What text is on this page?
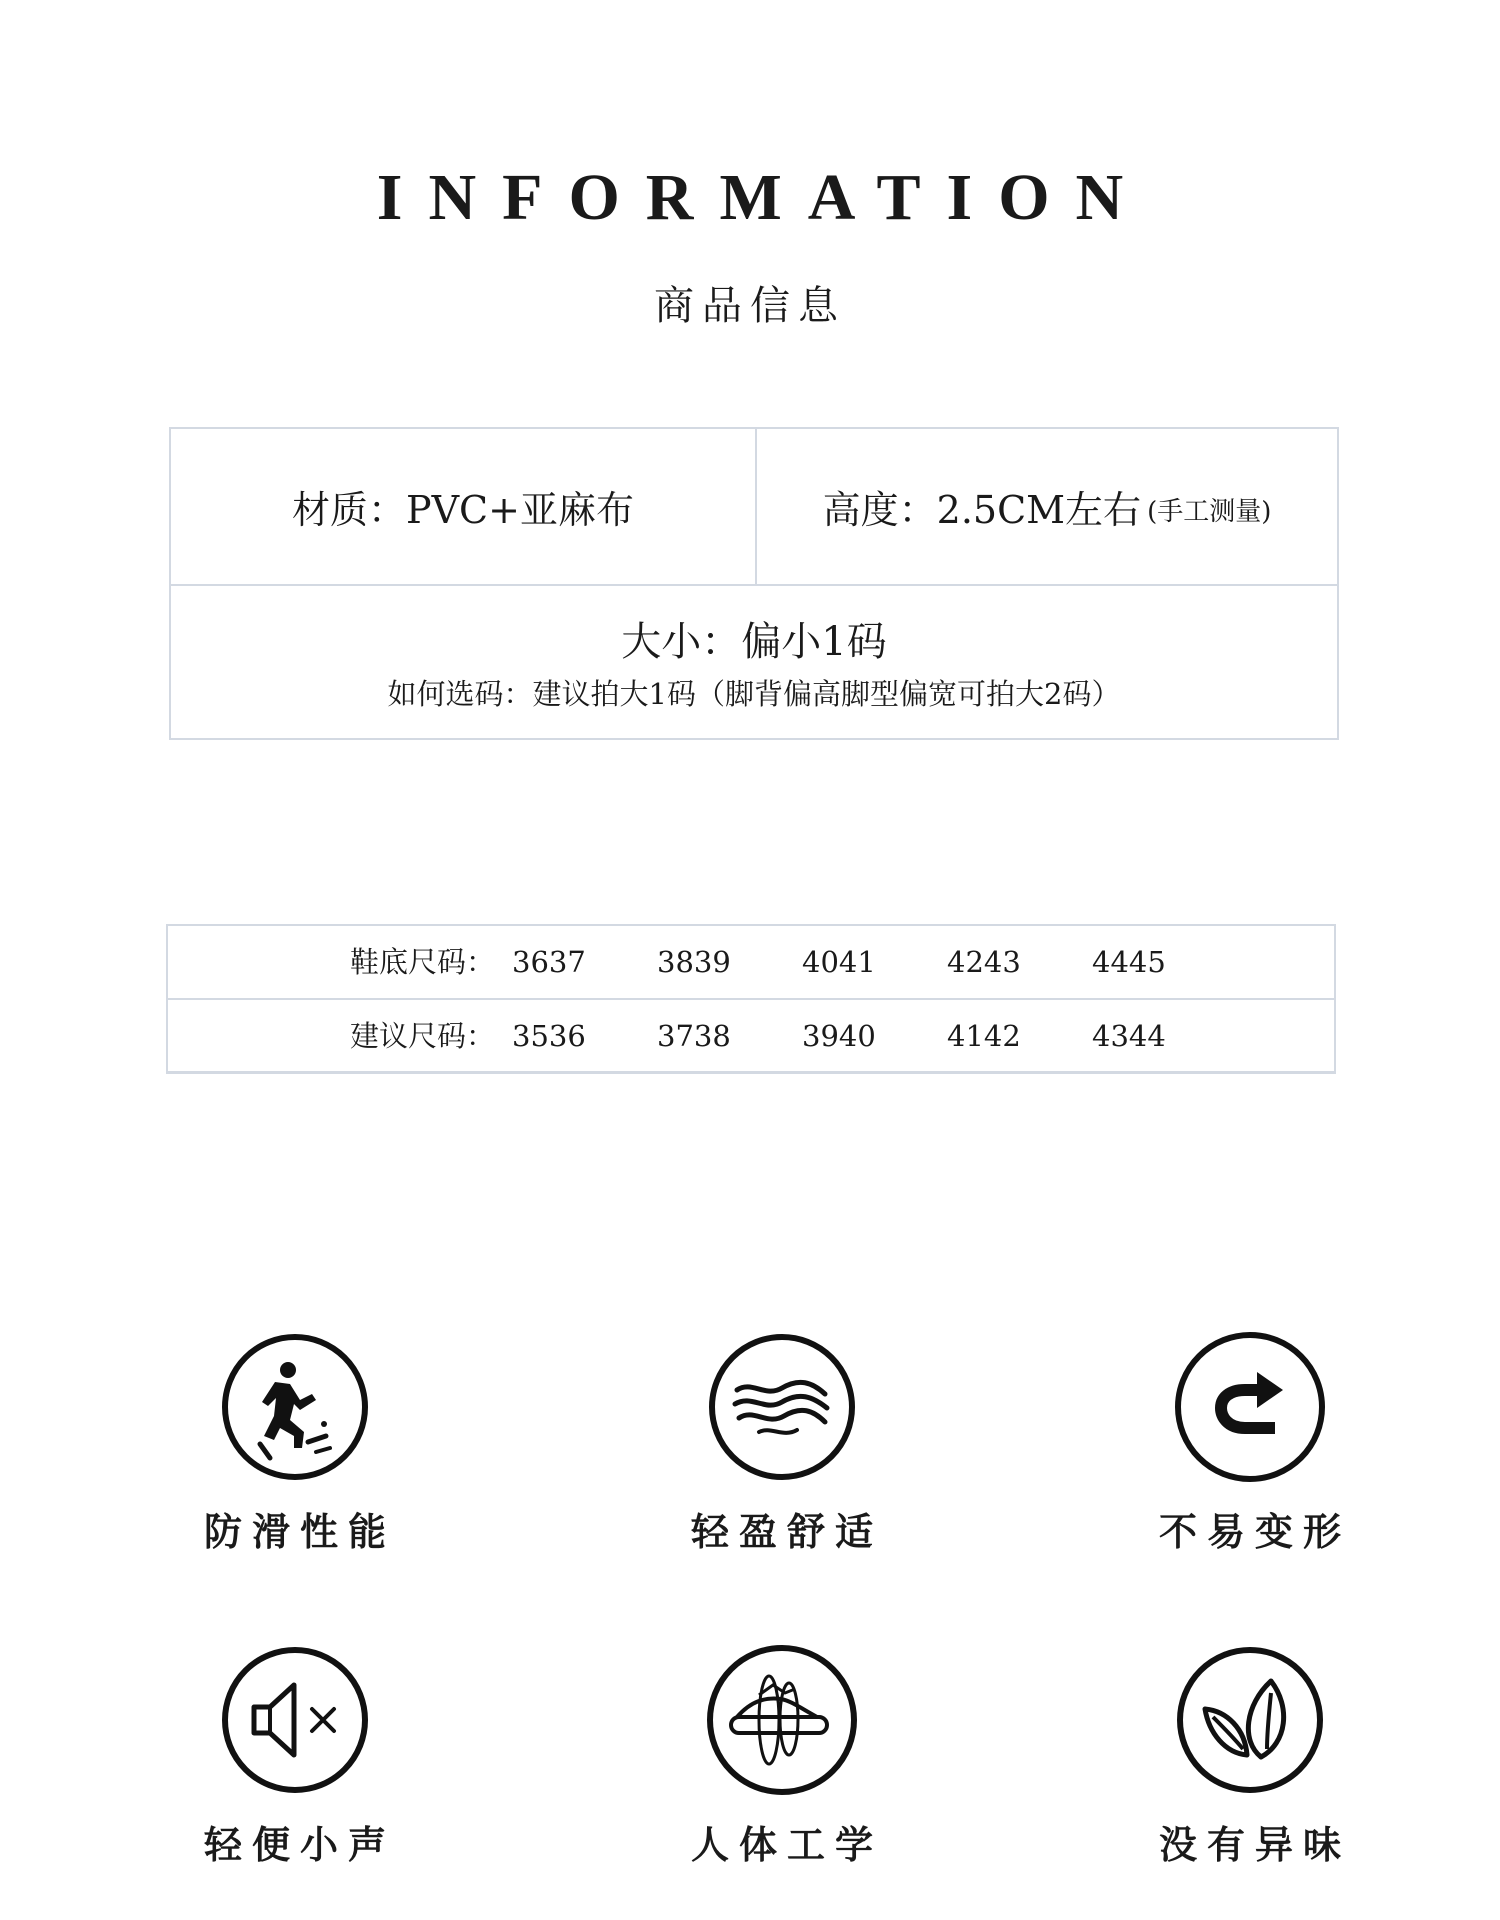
INFORMATION
商品信息
材质：PVC+亚麻布	高度：2.5CM左右 (手工测量)
大小：偏小1码
如何选码：建议拍大1码（脚背偏高脚型偏宽可拍大2码）
鞋底尺码： 3637 3839 4041 4243 4445
建议尺码： 3536 3738 3940 4142 4344
防滑性能	轻盈舒适	不易变形
轻便小声	人体工学	没有异味
